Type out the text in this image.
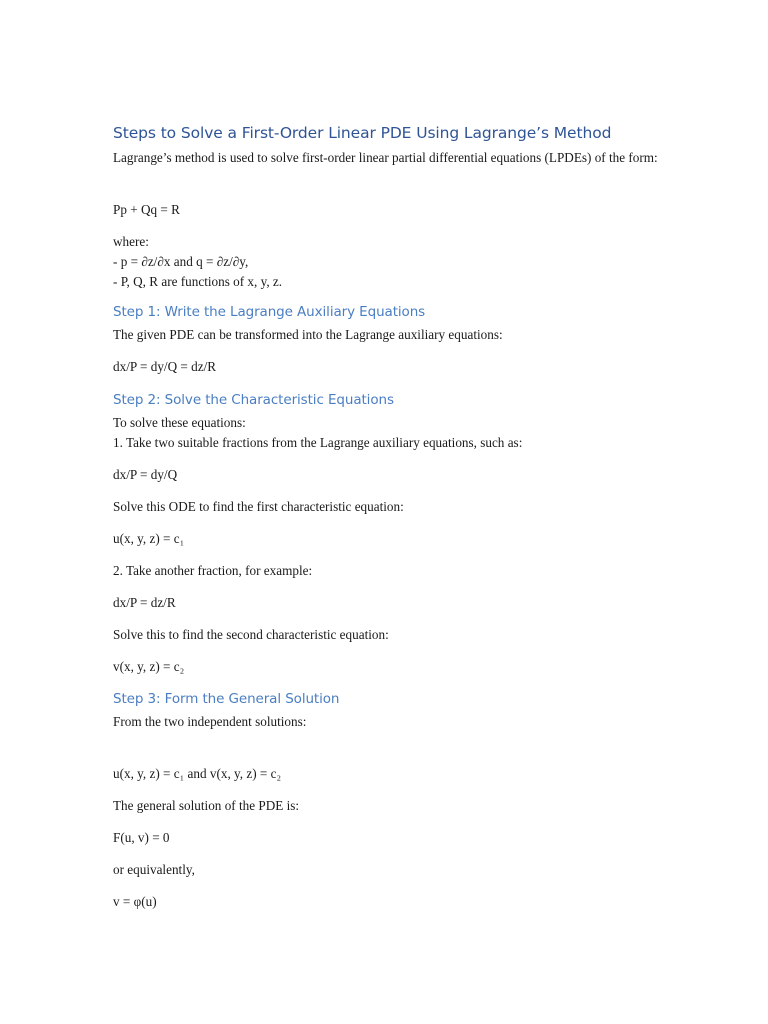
Steps to Solve a First-Order Linear PDE Using Lagrange’s Method
Lagrange’s method is used to solve first-order linear partial differential equations (LPDEs) of the form:
Pp + Qq = R
where:
- p = ∂z/∂x and q = ∂z/∂y,
- P, Q, R are functions of x, y, z.
Step 1: Write the Lagrange Auxiliary Equations
The given PDE can be transformed into the Lagrange auxiliary equations:
dx/P = dy/Q = dz/R
Step 2: Solve the Characteristic Equations
To solve these equations:
1. Take two suitable fractions from the Lagrange auxiliary equations, such as:
dx/P = dy/Q
Solve this ODE to find the first characteristic equation:
u(x, y, z) = c₁
2. Take another fraction, for example:
dx/P = dz/R
Solve this to find the second characteristic equation:
v(x, y, z) = c₂
Step 3: Form the General Solution
From the two independent solutions:
u(x, y, z) = c₁ and v(x, y, z) = c₂
The general solution of the PDE is:
F(u, v) = 0
or equivalently,
v = φ(u)
